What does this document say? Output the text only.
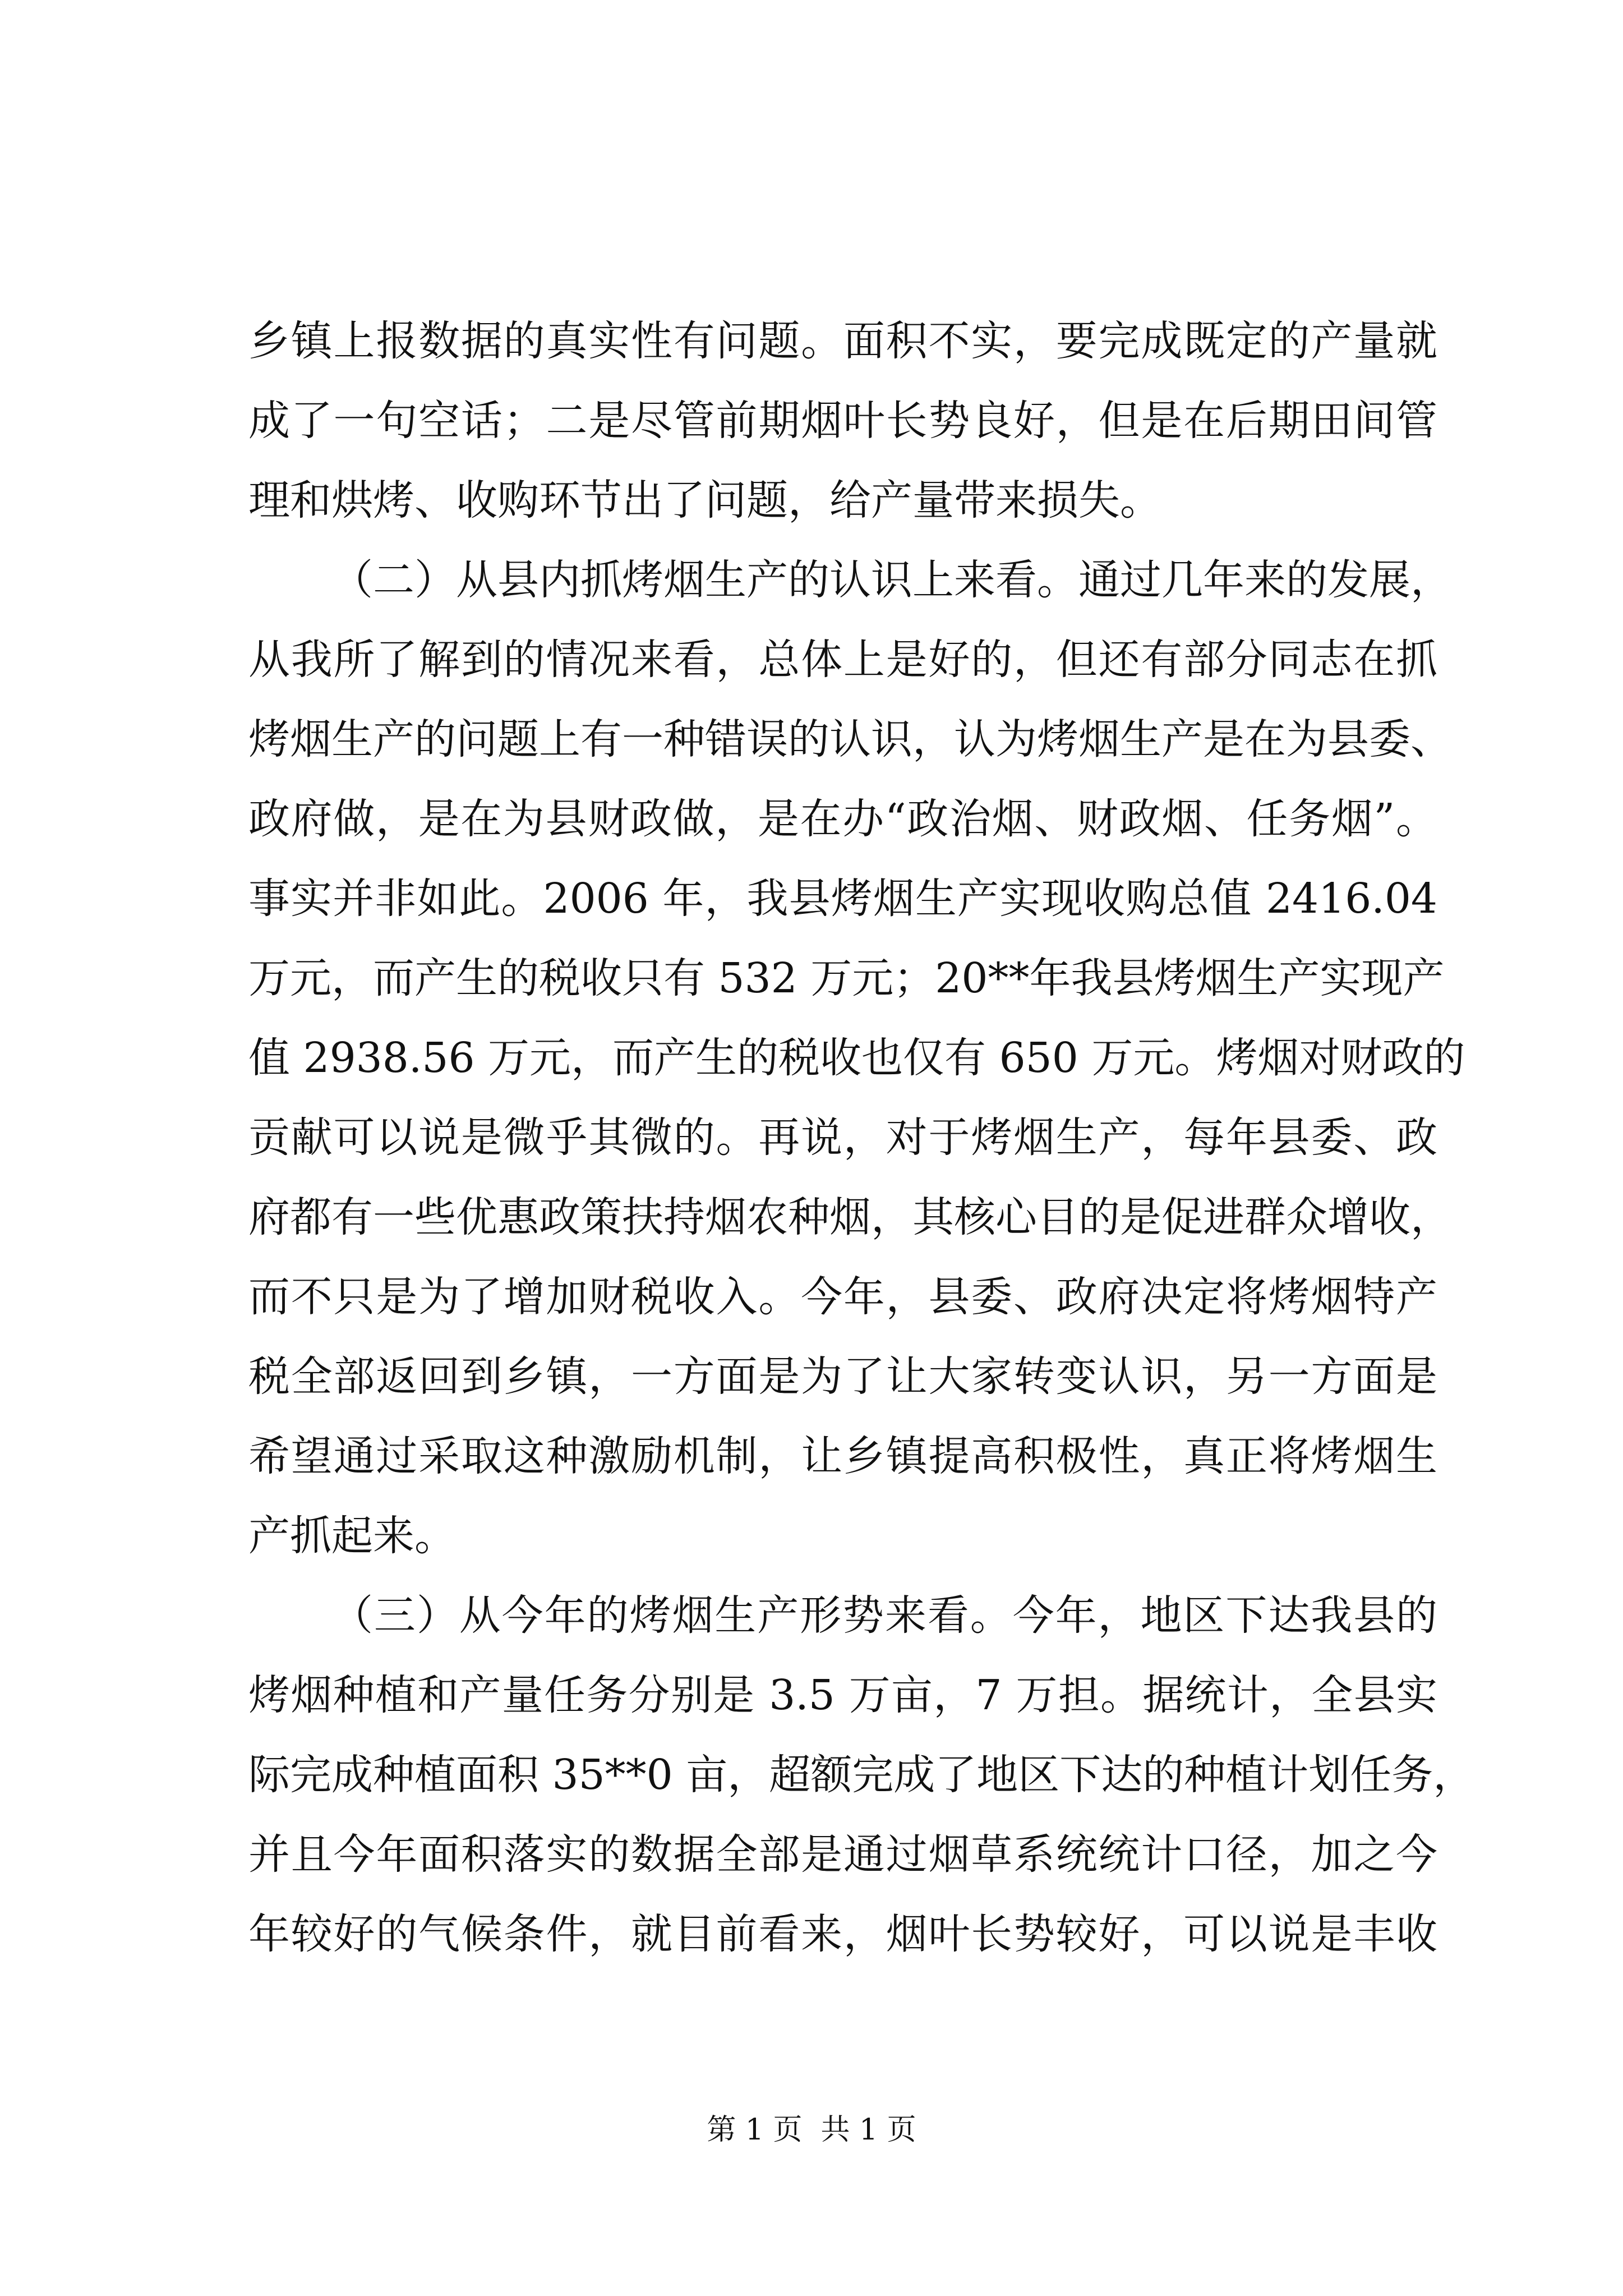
乡镇上报数据的真实性有问题。面积不实，要完成既定的产量就
成了一句空话；二是尽管前期烟叶长势良好，但是在后期田间管
理和烘烤、收购环节出了问题，给产量带来损失。
（二）从县内抓烤烟生产的认识上来看。通过几年来的发展，
从我所了解到的情况来看，总体上是好的，但还有部分同志在抓
烤烟生产的问题上有一种错误的认识，认为烤烟生产是在为县委、
政府做，是在为县财政做，是在办“政治烟、财政烟、任务烟”。
事实并非如此。2006 年，我县烤烟生产实现收购总值 2416.04
万元，而产生的税收只有 532 万元；20**年我县烤烟生产实现产
值 2938.56 万元，而产生的税收也仅有 650 万元。烤烟对财政的
贡献可以说是微乎其微的。再说，对于烤烟生产，每年县委、政
府都有一些优惠政策扶持烟农种烟，其核心目的是促进群众增收，
而不只是为了增加财税收入。今年，县委、政府决定将烤烟特产
税全部返回到乡镇，一方面是为了让大家转变认识，另一方面是
希望通过采取这种激励机制，让乡镇提高积极性，真正将烤烟生
产抓起来。
（三）从今年的烤烟生产形势来看。今年，地区下达我县的
烤烟种植和产量任务分别是 3.5 万亩，7 万担。据统计，全县实
际完成种植面积 35**0 亩，超额完成了地区下达的种植计划任务，
并且今年面积落实的数据全部是通过烟草系统统计口径，加之今
年较好的气候条件，就目前看来，烟叶长势较好，可以说是丰收
第 1 页  共 1 页
